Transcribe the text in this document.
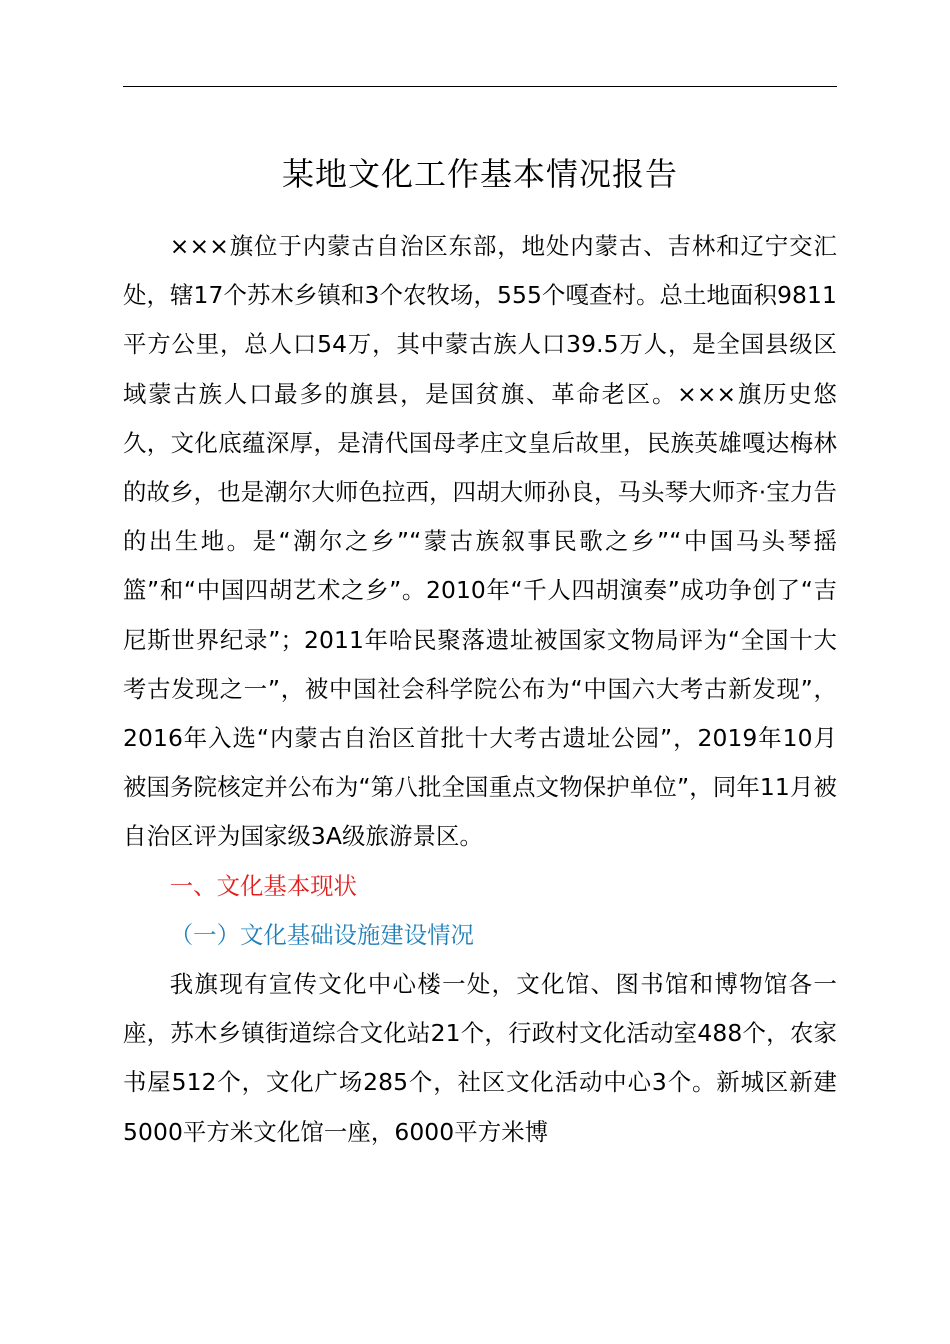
某地文化工作基本情况报告

×××旗位于内蒙古自治区东部，地处内蒙古、吉林和辽宁交汇处，辖17个苏木乡镇和3个农牧场，555个嘎查村。总土地面积9811平方公里，总人口54万，其中蒙古族人口39.5万人，是全国县级区域蒙古族人口最多的旗县，是国贫旗、革命老区。×××旗历史悠久，文化底蕴深厚，是清代国母孝庄文皇后故里，民族英雄嘎达梅林的故乡，也是潮尔大师色拉西，四胡大师孙良，马头琴大师齐·宝力告的出生地。是“潮尔之乡”“蒙古族叙事民歌之乡”“中国马头琴摇篮”和“中国四胡艺术之乡”。2010年“千人四胡演奏”成功争创了“吉尼斯世界纪录”；2011年哈民聚落遗址被国家文物局评为“全国十大考古发现之一”，被中国社会科学院公布为“中国六大考古新发现”，2016年入选“内蒙古自治区首批十大考古遗址公园”，2019年10月被国务院核定并公布为“第八批全国重点文物保护单位”，同年11月被自治区评为国家级3A级旅游景区。

一、文化基本现状

（一）文化基础设施建设情况

我旗现有宣传文化中心楼一处，文化馆、图书馆和博物馆各一座，苏木乡镇街道综合文化站21个，行政村文化活动室488个，农家书屋512个，文化广场285个，社区文化活动中心3个。新城区新建5000平方米文化馆一座，6000平方米博
